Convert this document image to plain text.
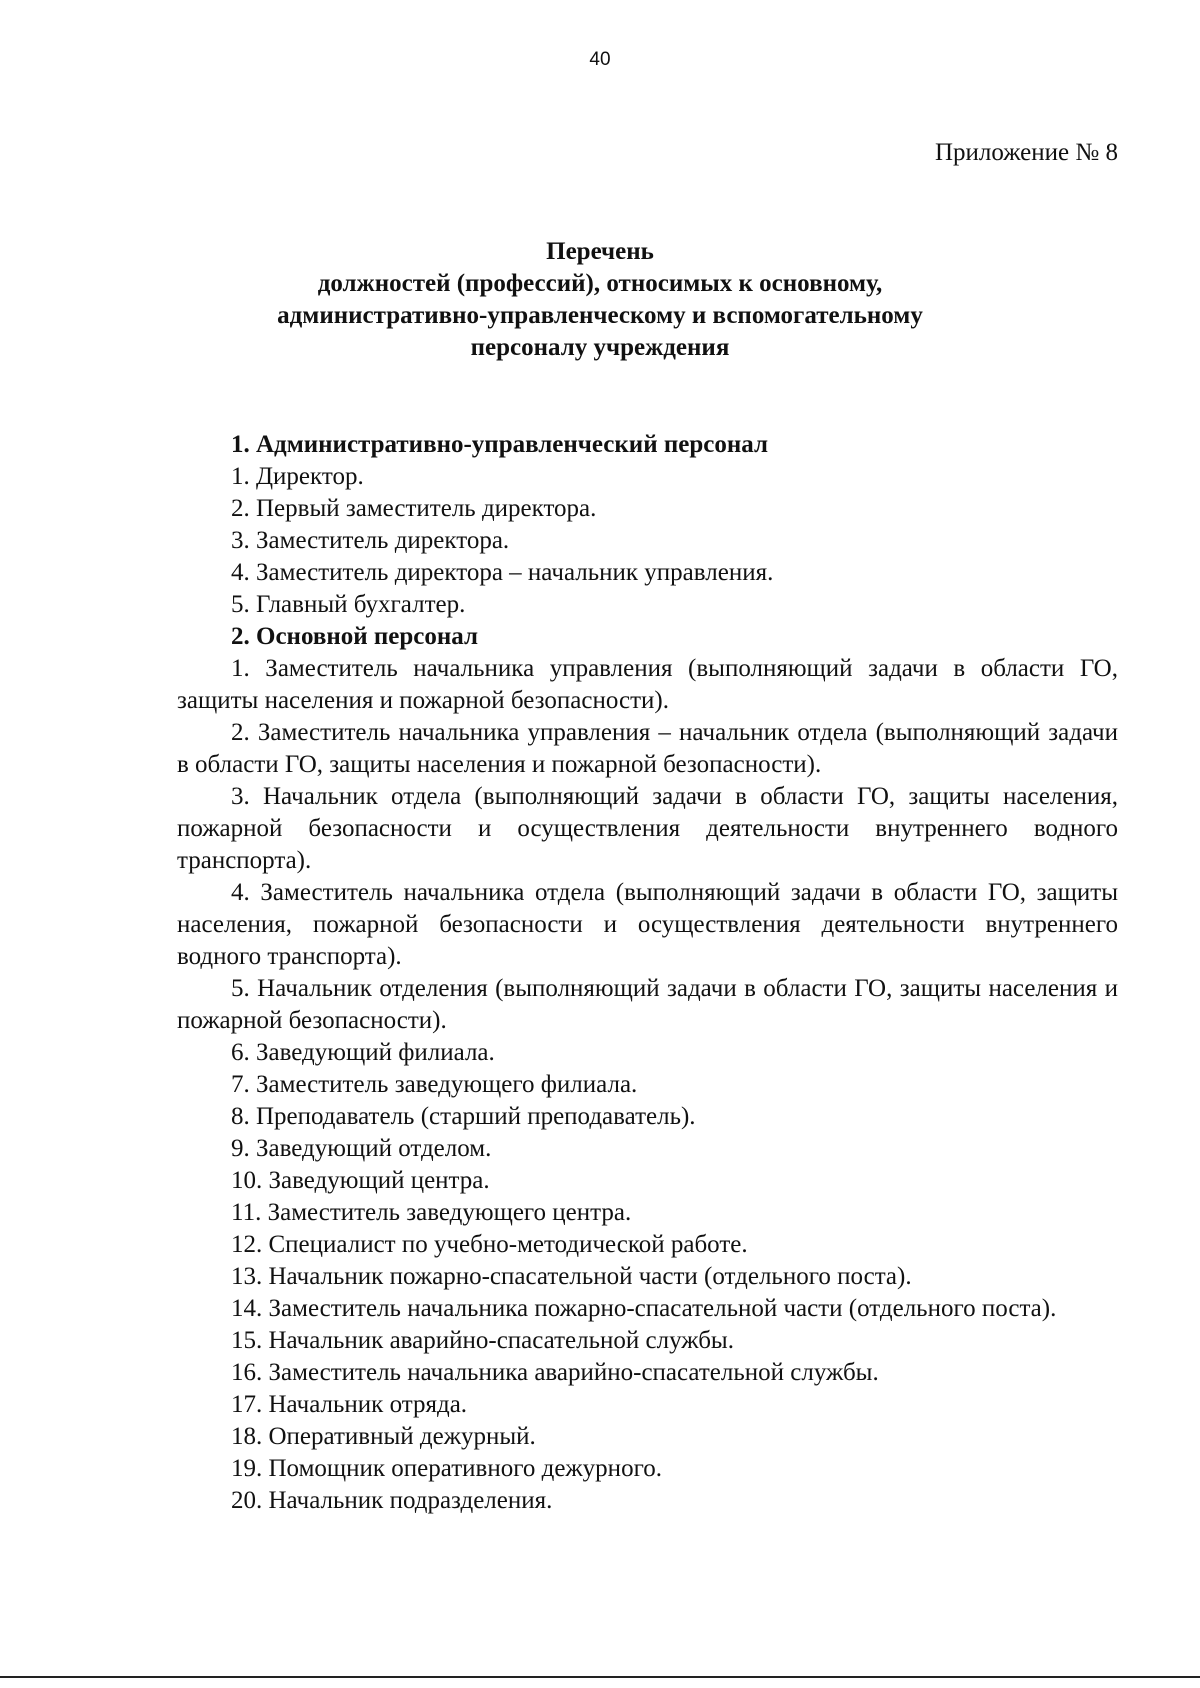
40
Приложение № 8
Перечень
должностей (профессий), относимых к основному,
административно-управленческому и вспомогательному
персоналу учреждения

1. Административно-управленческий персонал

1. Директор.

2. Первый заместитель директора.

3. Заместитель директора.

4. Заместитель директора – начальник управления.

5. Главный бухгалтер.

2. Основной персонал

1. Заместитель начальника управления (выполняющий задачи в области ГО, защиты населения и пожарной безопасности).

2. Заместитель начальника управления – начальник отдела (выполняющий задачи в области ГО, защиты населения и пожарной безопасности).

3. Начальник отдела (выполняющий задачи в области ГО, защиты населения, пожарной безопасности и осуществления деятельности внутреннего водного транспорта).

4. Заместитель начальника отдела (выполняющий задачи в области ГО, защиты населения, пожарной безопасности и осуществления деятельности внутреннего водного транспорта).

5. Начальник отделения (выполняющий задачи в области ГО, защиты населения и пожарной безопасности).

6. Заведующий филиала.

7. Заместитель заведующего филиала.

8. Преподаватель (старший преподаватель).

9. Заведующий отделом.

10. Заведующий центра.

11. Заместитель заведующего центра.

12. Специалист по учебно-методической работе.

13. Начальник пожарно-спасательной части (отдельного поста).

14. Заместитель начальника пожарно-спасательной части (отдельного поста).

15. Начальник аварийно-спасательной службы.

16. Заместитель начальника аварийно-спасательной службы.

17. Начальник отряда.

18. Оперативный дежурный.

19. Помощник оперативного дежурного.

20. Начальник подразделения.
